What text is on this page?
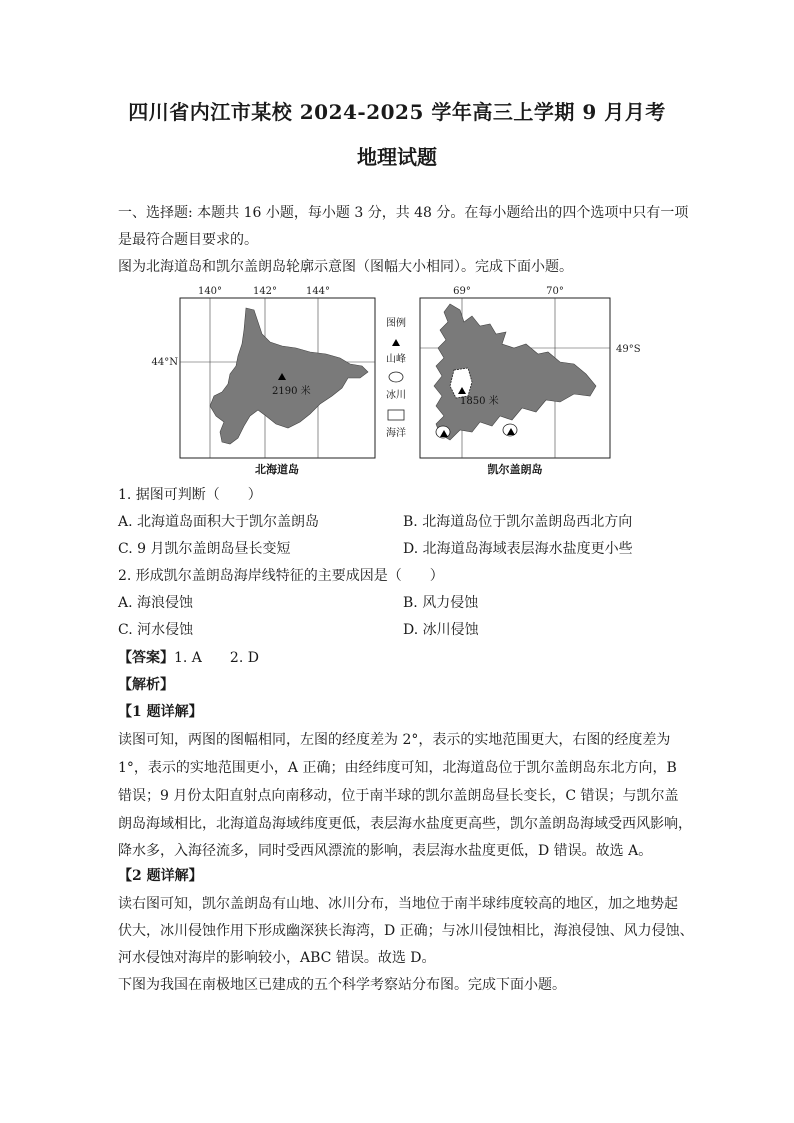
四川省内江市某校 2024-2025 学年高三上学期 9 月月考
地理试题
一、选择题: 本题共 16 小题，每小题 3 分，共 48 分。在每小题给出的四个选项中只有一项
是最符合题目要求的。
图为北海道岛和凯尔盖朗岛轮廓示意图（图幅大小相同）。完成下面小题。
140°	142°	144°
44°N
2190 米
北海道岛
图例
山峰
冰川
海洋
69°	70°
49°S
1850 米
凯尔盖朗岛
1. 据图可判断（　　）
A. 北海道岛面积大于凯尔盖朗岛	B. 北海道岛位于凯尔盖朗岛西北方向
C. 9 月凯尔盖朗岛昼长变短	D. 北海道岛海域表层海水盐度更小些
2. 形成凯尔盖朗岛海岸线特征的主要成因是（　　）
A. 海浪侵蚀	B. 风力侵蚀
C. 河水侵蚀	D. 冰川侵蚀
【答案】1. A　　2. D
【解析】
【1 题详解】
读图可知，两图的图幅相同，左图的经度差为 2°，表示的实地范围更大，右图的经度差为
1°，表示的实地范围更小，A 正确；由经纬度可知，北海道岛位于凯尔盖朗岛东北方向，B
错误；9 月份太阳直射点向南移动，位于南半球的凯尔盖朗岛昼长变长，C 错误；与凯尔盖
朗岛海域相比，北海道岛海域纬度更低，表层海水盐度更高些，凯尔盖朗岛海域受西风影响，
降水多，入海径流多，同时受西风漂流的影响，表层海水盐度更低，D 错误。故选 A。
【2 题详解】
读右图可知，凯尔盖朗岛有山地、冰川分布，当地位于南半球纬度较高的地区，加之地势起
伏大，冰川侵蚀作用下形成幽深狭长海湾，D 正确；与冰川侵蚀相比，海浪侵蚀、风力侵蚀、
河水侵蚀对海岸的影响较小，ABC 错误。故选 D。
下图为我国在南极地区已建成的五个科学考察站分布图。完成下面小题。
